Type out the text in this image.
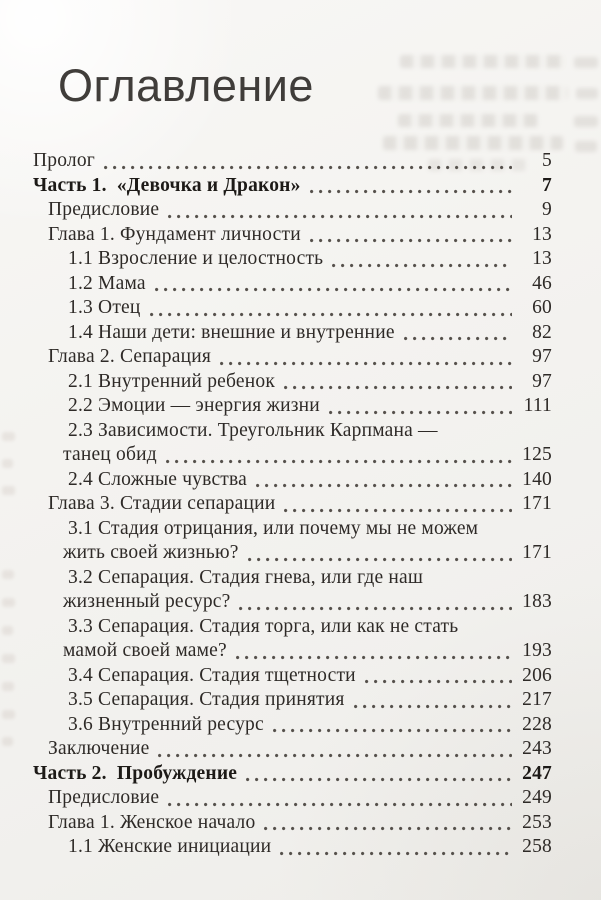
Оглавление
Пролог	5
Часть 1.  «Девочка и Дракон»	7
Предисловие	9
Глава 1. Фундамент личности	13
1.1 Взросление и целостность	13
1.2 Мама	46
1.3 Отец	60
1.4 Наши дети: внешние и внутренние	82
Глава 2. Сепарация	97
2.1 Внутренний ребенок	97
2.2 Эмоции — энергия жизни	111
2.3 Зависимости. Треугольник Карпмана —
танец обид	125
2.4 Сложные чувства	140
Глава 3. Стадии сепарации	171
3.1 Стадия отрицания, или почему мы не можем
жить своей жизнью?	171
3.2 Сепарация. Стадия гнева, или где наш
жизненный ресурс?	183
3.3 Сепарация. Стадия торга, или как не стать
мамой своей маме?	193
3.4 Сепарация. Стадия тщетности	206
3.5 Сепарация. Стадия принятия	217
3.6 Внутренний ресурс	228
Заключение	243
Часть 2.  Пробуждение	247
Предисловие	249
Глава 1. Женское начало	253
1.1 Женские инициации	258
